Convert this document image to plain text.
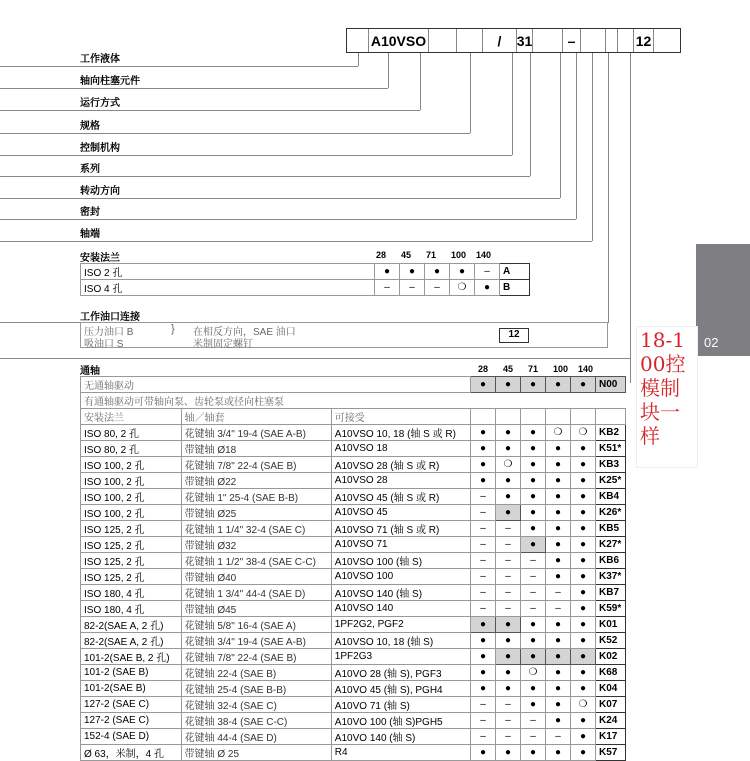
A10VSO	/	31	–	12
工作液体
轴向柱塞元件
运行方式
规格
控制机构
系列
转动方向
密封
轴端
安装法兰	28 45 71 100 140
ISO 2 孔	●	●	●	●	–	A
ISO 4 孔	–	–	–	❍	●	B
工作油口连接
压力油口 B
吸油口 S
} 在相反方向，SAE 油口
米制固定螺钉
12
通轴	28 45 71 100 140
无通轴驱动			●	●	●	●	●	N00
有通轴驱动可带轴向泵、齿轮泵或径向柱塞泵								
安装法兰	轴／轴套	可接受						
ISO 80, 2 孔	花键轴 3/4" 19-4 (SAE A-B)	A10VSO 10, 18 (轴 S 或 R)	●	●	●	❍	❍	KB2
ISO 80, 2 孔	带键轴 Ø18	A10VSO 18	●	●	●	●	●	K51*
ISO 100, 2 孔	花键轴 7/8" 22-4 (SAE B)	A10VSO 28 (轴 S 或 R)	●	❍	●	●	●	KB3
ISO 100, 2 孔	带键轴 Ø22	A10VSO 28	●	●	●	●	●	K25*
ISO 100, 2 孔	花键轴 1" 25-4 (SAE B-B)	A10VSO 45 (轴 S 或 R)	–	●	●	●	●	KB4
ISO 100, 2 孔	带键轴 Ø25	A10VSO 45	–	●	●	●	●	K26*
ISO 125, 2 孔	花键轴 1 1/4" 32-4 (SAE C)	A10VSO 71 (轴 S 或 R)	–	–	●	●	●	KB5
ISO 125, 2 孔	带键轴 Ø32	A10VSO 71	–	–	●	●	●	K27*
ISO 125, 2 孔	花键轴 1 1/2" 38-4 (SAE C-C)	A10VSO 100 (轴 S)	–	–	–	●	●	KB6
ISO 125, 2 孔	带键轴 Ø40	A10VSO 100	–	–	–	●	●	K37*
ISO 180, 4 孔	花键轴 1 3/4" 44-4 (SAE D)	A10VSO 140 (轴 S)	–	–	–	–	●	KB7
ISO 180, 4 孔	带键轴 Ø45	A10VSO 140	–	–	–	–	●	K59*
82-2(SAE A, 2 孔)	花键轴 5/8" 16-4 (SAE A)	1PF2G2, PGF2	●	●	●	●	●	K01
82-2(SAE A, 2 孔)	花键轴 3/4" 19-4 (SAE A-B)	A10VSO 10, 18 (轴 S)	●	●	●	●	●	K52
101-2(SAE B, 2 孔)	花键轴 7/8" 22-4 (SAE B)	1PF2G3	●	●	●	●	●	K02
101-2 (SAE B)	花键轴 22-4 (SAE B)	A10VO 28 (轴 S), PGF3	●	●	❍	●	●	K68
101-2(SAE B)	花键轴 25-4 (SAE B-B)	A10VO 45 (轴 S), PGH4	●	●	●	●	●	K04
127-2 (SAE C)	花键轴 32-4 (SAE C)	A10VO 71 (轴 S)	–	–	●	●	❍	K07
127-2 (SAE C)	花键轴 38-4 (SAE C-C)	A10VO 100 (轴 S)PGH5	–	–	–	●	●	K24
152-4 (SAE D)	花键轴 44-4 (SAE D)	A10VO 140 (轴 S)	–	–	–	–	●	K17
Ø 63，米制，4 孔	带键轴 Ø 25	R4	●	●	●	●	●	K57
02
18-100控模制块一样
